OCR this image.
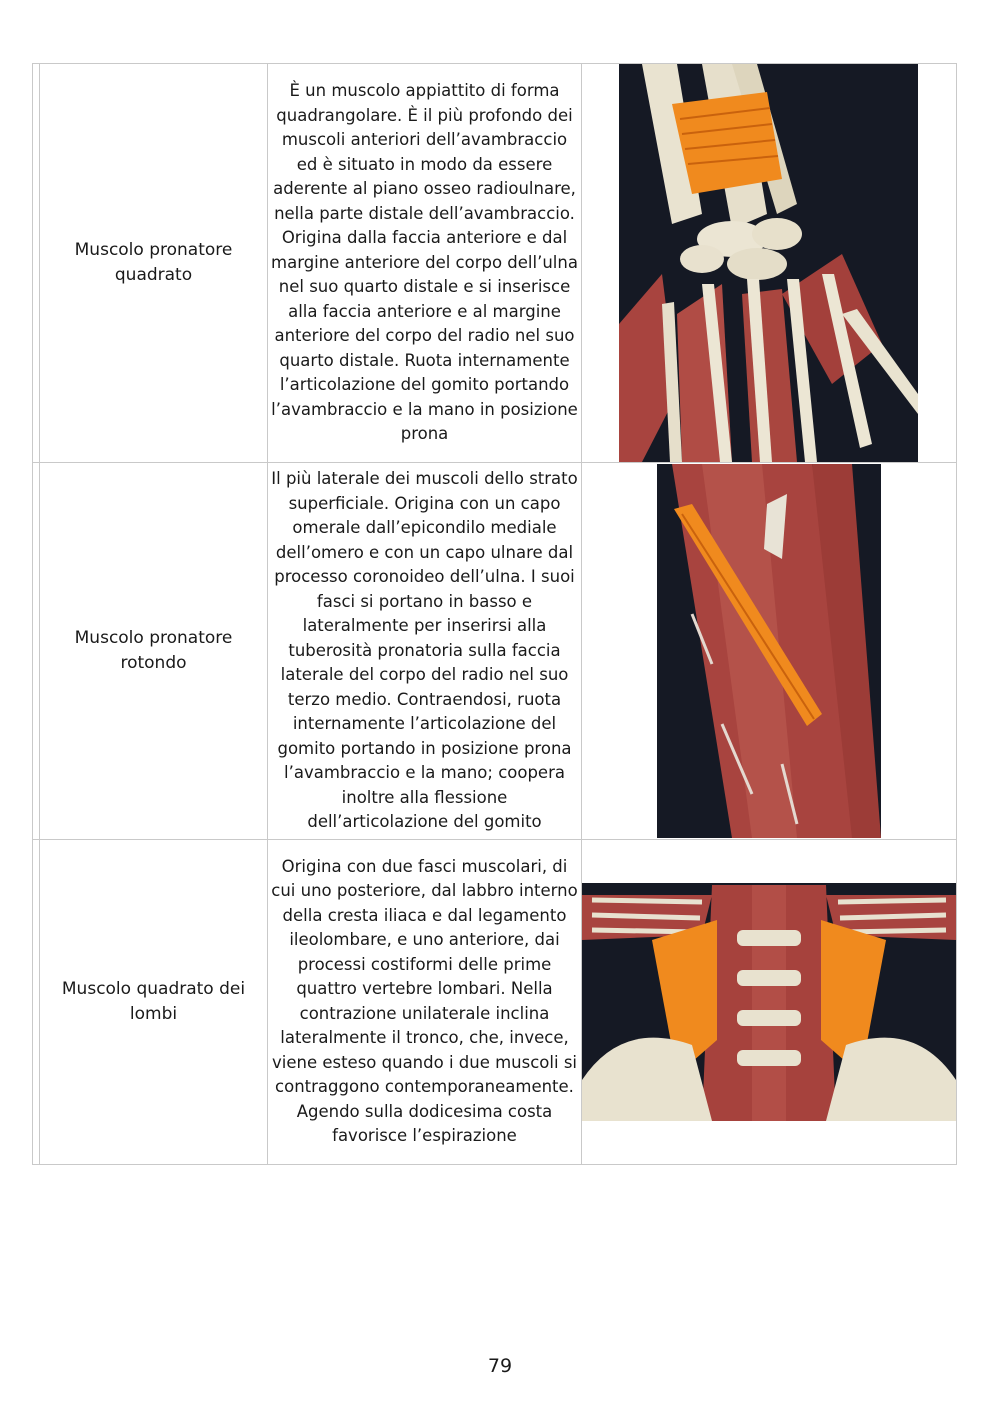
	Muscolo pronatore quadrato	È un muscolo appiattito di forma quadrangolare. È il più profondo dei muscoli anteriori dell’avambraccio ed è situato in modo da essere aderente al piano osseo radioulnare, nella parte distale dell’avambraccio. Origina dalla faccia anteriore e dal margine anteriore del corpo dell’ulna nel suo quarto distale e si inserisce alla faccia anteriore e al margine anteriore del corpo del radio nel suo quarto distale. Ruota internamente l’articolazione del gomito portando l’avambraccio e la mano in posizione prona

	Muscolo pronatore rotondo	Il più laterale dei muscoli dello strato superficiale. Origina con un capo omerale dall’epicondilo mediale dell’omero e con un capo ulnare dal processo coronoideo dell’ulna. I suoi fasci si portano in basso e lateralmente per inserirsi alla tuberosità pronatoria sulla faccia laterale del corpo del radio nel suo terzo medio. Contraendosi, ruota internamente l’articolazione del gomito portando in posizione prona l’avambraccio e la mano; coopera inoltre alla flessione dell’articolazione del gomito

	Muscolo quadrato dei lombi	Origina con due fasci muscolari, di cui uno posteriore, dal labbro interno della cresta iliaca e dal legamento ileolombare, e uno anteriore, dai processi costiformi delle prime quattro vertebre lombari. Nella contrazione unilaterale inclina lateralmente il tronco, che, invece, viene esteso quando i due muscoli si contraggono contemporaneamente. Agendo sulla dodicesima costa favorisce l’espirazione

79
